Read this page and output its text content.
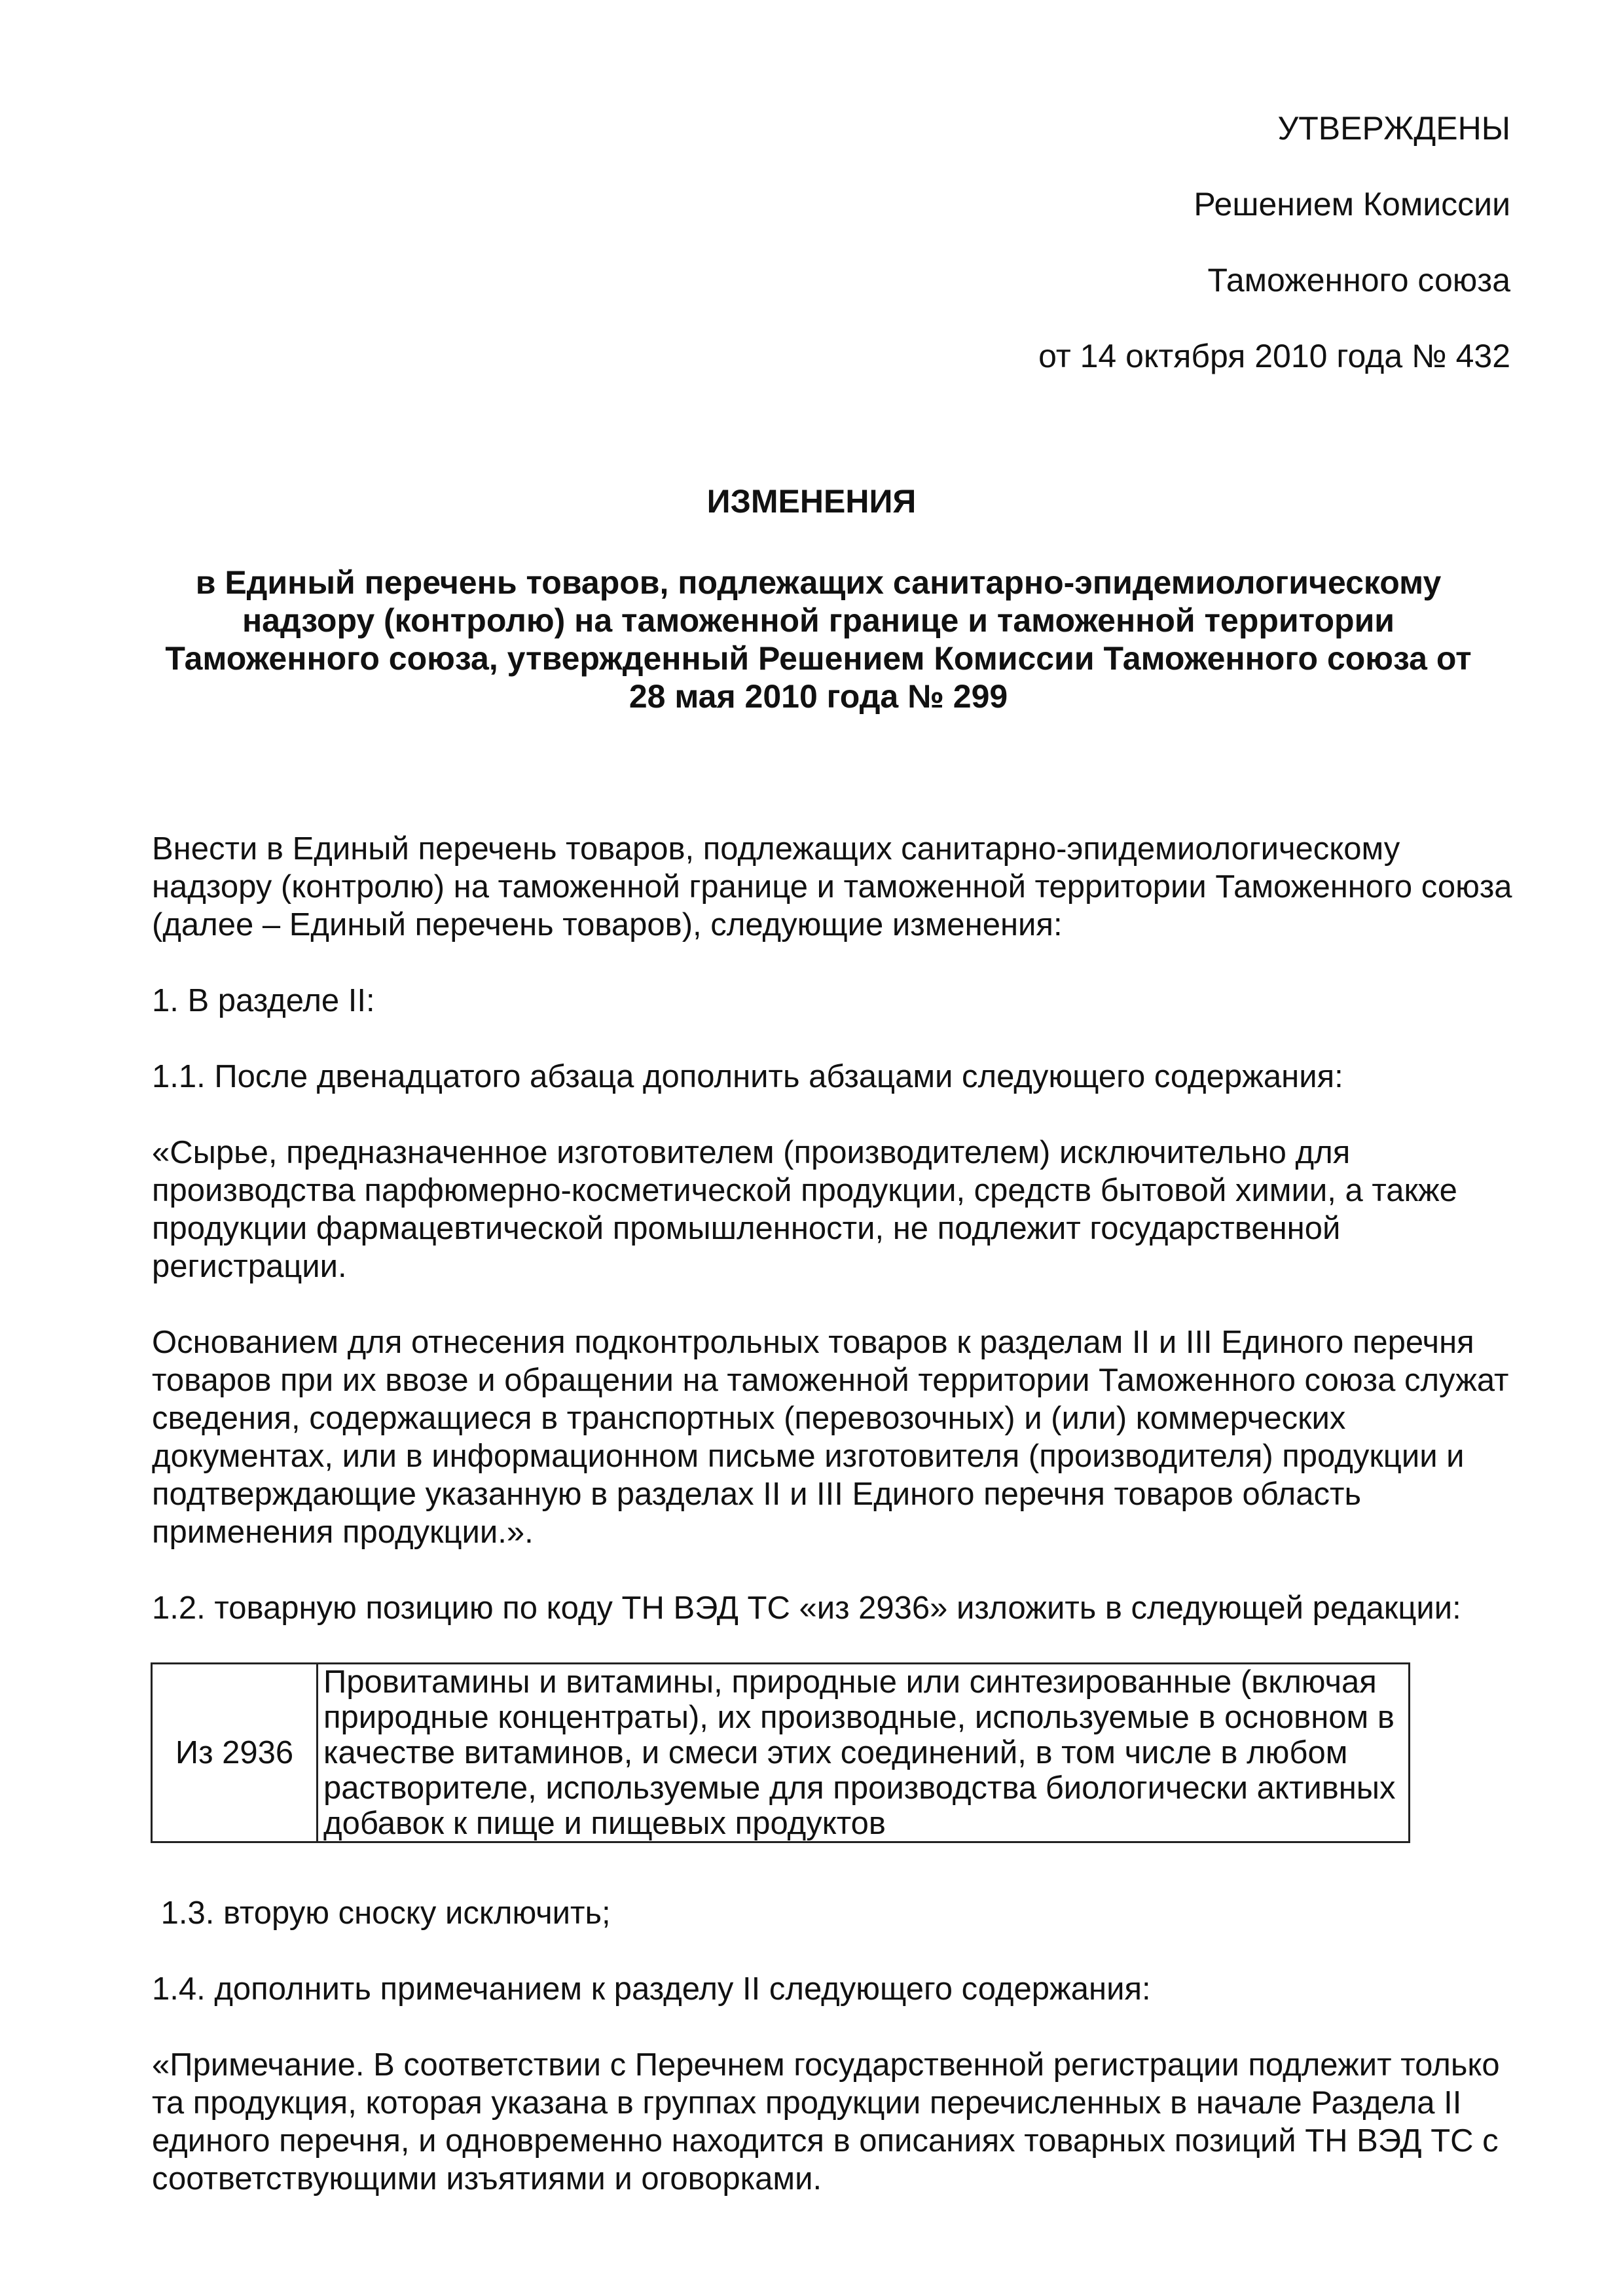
УТВЕРЖДЕНЫ
Решением Комиссии
Таможенного союза
от 14 октября 2010 года № 432
ИЗМЕНЕНИЯ
в Единый перечень товаров, подлежащих санитарно-эпидемиологическому надзору (контролю) на таможенной границе и таможенной территории Таможенного союза, утвержденный Решением Комиссии Таможенного союза от 28 мая 2010 года № 299

Внести в Единый перечень товаров, подлежащих санитарно-эпидемиологическому надзору (контролю) на таможенной границе и таможенной территории Таможенного союза (далее – Единый перечень товаров), следующие изменения:

1. В разделе II:

1.1. После двенадцатого абзаца дополнить абзацами следующего содержания:

«Сырье, предназначенное изготовителем (производителем) исключительно для производства парфюмерно-косметической продукции, средств бытовой химии, а также продукции фармацевтической промышленности, не подлежит государственной регистрации.

Основанием для отнесения подконтрольных товаров к разделам II и III Единого перечня товаров при их ввозе и обращении на таможенной территории Таможенного союза служат сведения, содержащиеся в транспортных (перевозочных) и (или) коммерческих документах, или в информационном письме изготовителя (производителя) продукции и подтверждающие указанную в разделах II и III Единого перечня товаров область применения продукции.».

1.2. товарную позицию по коду ТН ВЭД ТС «из 2936» изложить в следующей редакции:

Из 2936	Провитамины и витамины, природные или синтезированные (включая природные концентраты), их производные, используемые в основном в качестве витаминов, и смеси этих соединений, в том числе в любом растворителе, используемые для производства биологически активных добавок к пище и пищевых продуктов

1.3. вторую сноску исключить;

1.4. дополнить примечанием к разделу II следующего содержания:

«Примечание. В соответствии с Перечнем государственной регистрации подлежит только та продукция, которая указана в группах продукции перечисленных в начале Раздела II единого перечня, и одновременно находится в описаниях товарных позиций ТН ВЭД ТС с соответствующими изъятиями и оговорками.
